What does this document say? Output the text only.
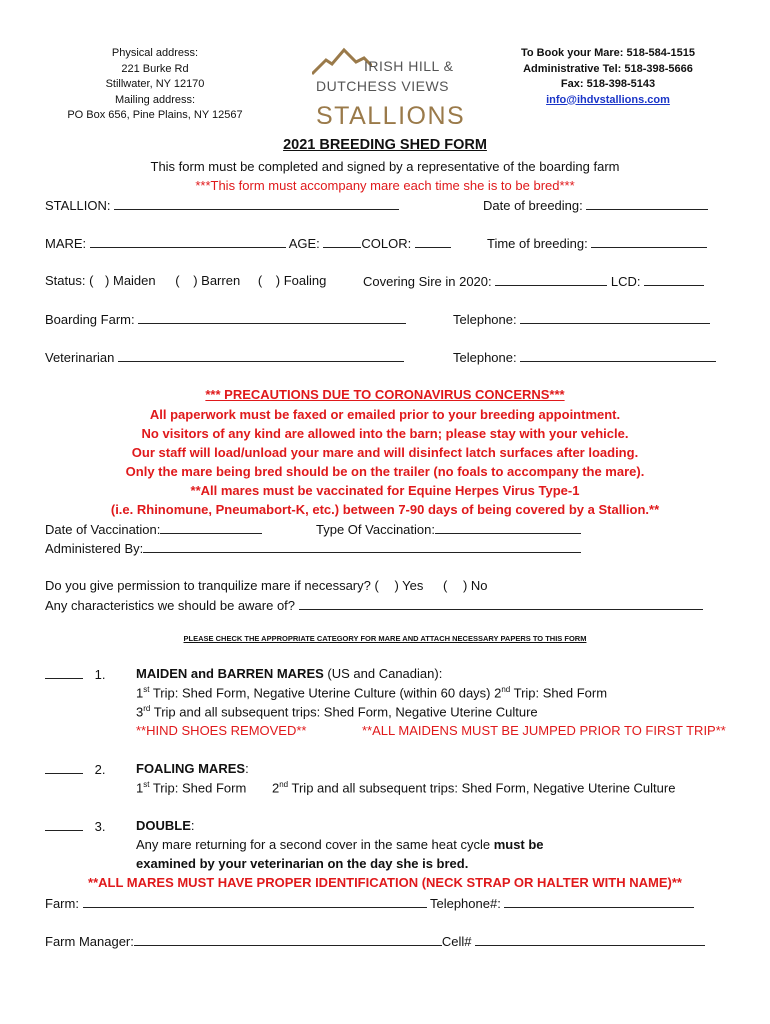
Physical address:
221 Burke Rd
Stillwater, NY 12170
Mailing address:
PO Box 656, Pine Plains, NY 12567
IRISH HILL &
DUTCHESS VIEWS
STALLIONS
To Book your Mare: 518-584-1515
Administrative Tel: 518-398-5666
Fax: 518-398-5143
info@ihdvstallions.com
2021 BREEDING SHED FORM
This form must be completed and signed by a representative of the boarding farm
***This form must accompany mare each time she is to be bred***
STALLION:	Date of breeding:
MARE:	AGE:	COLOR:	Time of breeding:
Status: ( ) Maiden ( ) Barren ( ) Foaling	Covering Sire in 2020:	LCD:
Boarding Farm:	Telephone:
Veterinarian	Telephone:
*** PRECAUTIONS DUE TO CORONAVIRUS CONCERNS***
All paperwork must be faxed or emailed prior to your breeding appointment.
No visitors of any kind are allowed into the barn; please stay with your vehicle.
Our staff will load/unload your mare and will disinfect latch surfaces after loading.
Only the mare being bred should be on the trailer (no foals to accompany the mare).
**All mares must be vaccinated for Equine Herpes Virus Type-1
(i.e. Rhinomune, Pneumabort-K, etc.) between 7-90 days of being covered by a Stallion.**
Date of Vaccination:	Type Of Vaccination:
Administered By:
Do you give permission to tranquilize mare if necessary? ( ) Yes ( ) No
Any characteristics we should be aware of?
PLEASE CHECK THE APPROPRIATE CATEGORY FOR MARE AND ATTACH NECESSARY PAPERS TO THIS FORM
1. MAIDEN and BARREN MARES (US and Canadian):
1st Trip: Shed Form, Negative Uterine Culture (within 60 days) 2nd Trip: Shed Form
3rd Trip and all subsequent trips: Shed Form, Negative Uterine Culture
**HIND SHOES REMOVED**	**ALL MAIDENS MUST BE JUMPED PRIOR TO FIRST TRIP**
2. FOALING MARES:
1st Trip: Shed Form 2nd Trip and all subsequent trips: Shed Form, Negative Uterine Culture
3. DOUBLE:
Any mare returning for a second cover in the same heat cycle must be
examined by your veterinarian on the day she is bred.
**ALL MARES MUST HAVE PROPER IDENTIFICATION (NECK STRAP OR HALTER WITH NAME)**
Farm:	Telephone#:
Farm Manager:	Cell#
